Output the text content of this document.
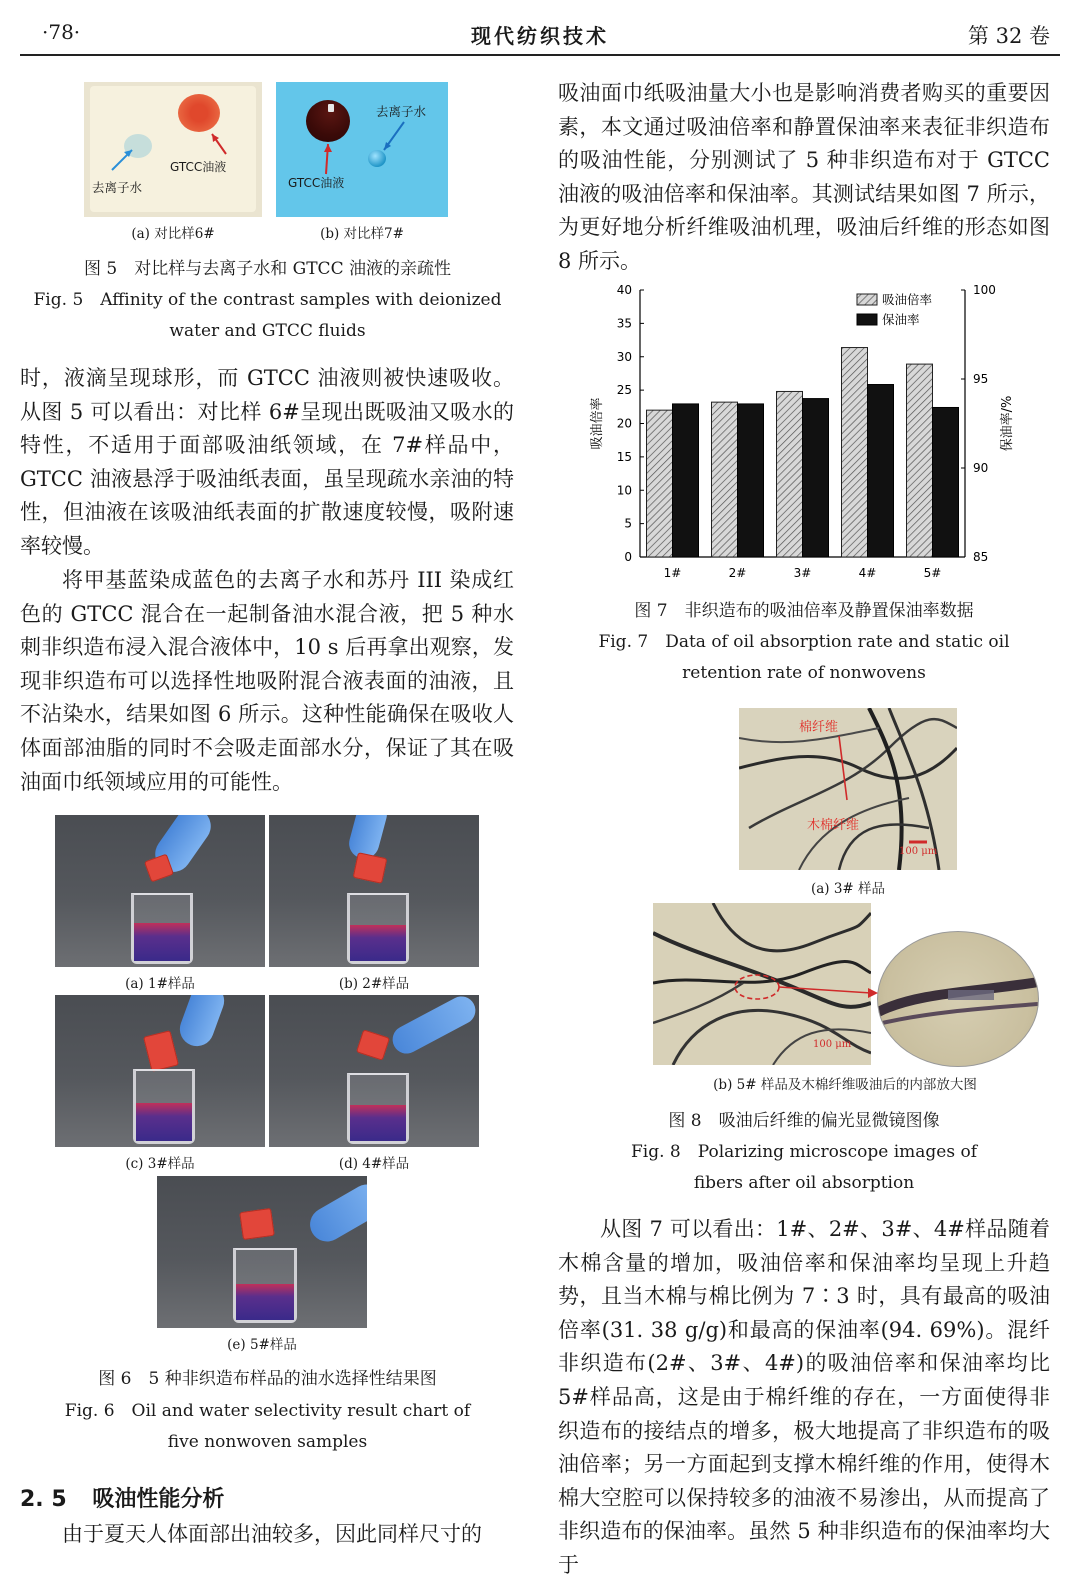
·78·	现代纺织技术	第 32 卷
去离子水
GTCC油液
去离子水
GTCC油液
(a) 对比样6#	(b) 对比样7#
图 5　对比样与去离子水和 GTCC 油液的亲疏性
Fig. 5　Affinity of the contrast samples with deionized
water and GTCC fluids
时，液滴呈现球形，而 GTCC 油液则被快速吸收。从图 5 可以看出：对比样 6#呈现出既吸油又吸水的特性，不适用于面部吸油纸领域，在 7#样品中，GTCC 油液悬浮于吸油纸表面，虽呈现疏水亲油的特性，但油液在该吸油纸表面的扩散速度较慢，吸附速率较慢。
将甲基蓝染成蓝色的去离子水和苏丹 III 染成红色的 GTCC 混合在一起制备油水混合液，把 5 种水刺非织造布浸入混合液体中，10 s 后再拿出观察，发现非织造布可以选择性地吸附混合液表面的油液，且不沾染水，结果如图 6 所示。这种性能确保在吸收人体面部油脂的同时不会吸走面部水分，保证了其在吸油面巾纸领域应用的可能性。
(a) 1#样品	(b) 2#样品
(c) 3#样品	(d) 4#样品
(e) 5#样品
图 6　5 种非织造布样品的油水选择性结果图
Fig. 6　Oil and water selectivity result chart of
five nonwoven samples
2. 5 吸油性能分析
由于夏天人体面部出油较多，因此同样尺寸的
吸油面巾纸吸油量大小也是影响消费者购买的重要因素，本文通过吸油倍率和静置保油率来表征非织造布的吸油性能，分别测试了 5 种非织造布对于 GTCC 油液的吸油倍率和保油率。其测试结果如图 7 所示，为更好地分析纤维吸油机理，吸油后纤维的形态如图 8 所示。
0
5
10
15
20
25
30
35
40
85
90
95
100
1#	2#	3#	4#	5#
吸油倍率	保油率/%
吸油倍率
保油率
图 7　非织造布的吸油倍率及静置保油率数据
Fig. 7　Data of oil absorption rate and static oil
retention rate of nonwovens
棉纤维
木棉纤维
100 μm
(a) 3# 样品
100 μm
(b) 5# 样品及木棉纤维吸油后的内部放大图
图 8　吸油后纤维的偏光显微镜图像
Fig. 8　Polarizing microscope images of
fibers after oil absorption
从图 7 可以看出：1#、2#、3#、4#样品随着木棉含量的增加，吸油倍率和保油率均呈现上升趋势，且当木棉与棉比例为 7∶3 时，具有最高的吸油倍率(31. 38 g/g)和最高的保油率(94. 69%)。混纤非织造布(2#、3#、4#)的吸油倍率和保油率均比 5#样品高，这是由于棉纤维的存在，一方面使得非织造布的接结点的增多，极大地提高了非织造布的吸油倍率；另一方面起到支撑木棉纤维的作用，使得木棉大空腔可以保持较多的油液不易渗出，从而提高了非织造布的保油率。虽然 5 种非织造布的保油率均大于
